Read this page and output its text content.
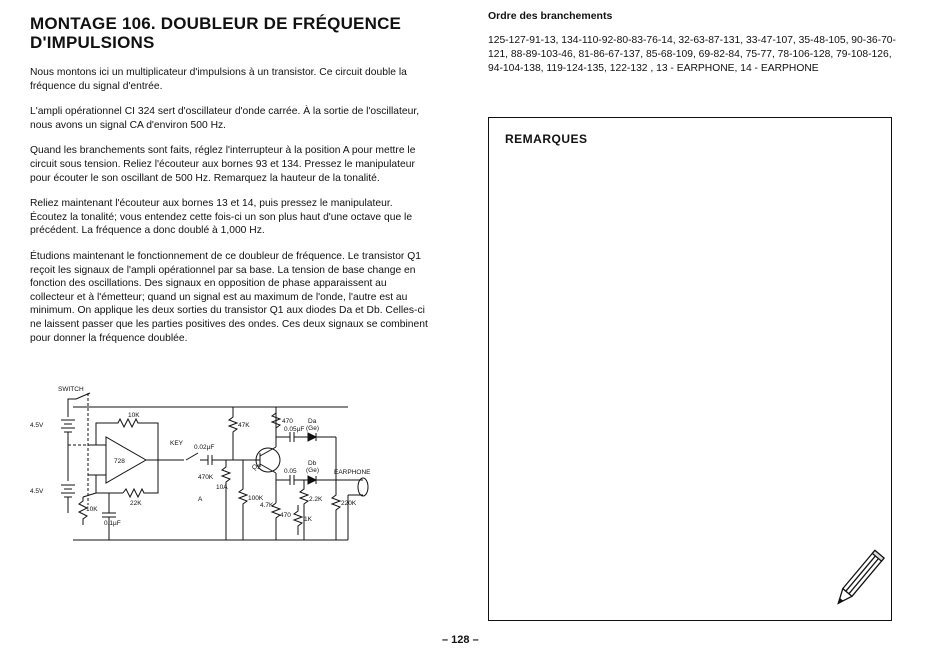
MONTAGE 106. DOUBLEUR DE FRÉQUENCE
D'IMPULSIONS

Nous montons ici un multiplicateur d'impulsions à un transistor. Ce circuit double la fréquence du signal d'entrée.

L'ampli opérationnel CI 324 sert d'oscillateur d'onde carrée. À la sortie de l'oscillateur, nous avons un signal CA d'environ 500 Hz.

Quand les branchements sont faits, réglez l'interrupteur à la position A pour mettre le circuit sous tension. Reliez l'écouteur aux bornes 93 et 134. Pressez le manipulateur pour écouter le son oscillant de 500 Hz. Remarquez la hauteur de la tonalité.

Reliez maintenant l'écouteur aux bornes 13 et 14, puis pressez le manipulateur. Écoutez la tonalité; vous entendez cette fois-ci un son plus haut d'une octave que le précédent. La fréquence a donc doublé à 1,000 Hz.

Étudions maintenant le fonctionnement de ce doubleur de fréquence. Le transistor Q1 reçoit les signaux de l'ampli opérationnel par sa base. La tension de base change en fonction des oscillations. Des signaux en opposition de phase apparaissent au collecteur et à l'émetteur; quand un signal est au maximum de l'onde, l'autre est au minimum. On applique les deux sorties du transistor Q1 aux diodes Da et Db. Celles-ci ne laissent passer que les parties positives des ondes. Ces deux signaux se combinent pour donner la fréquence doublée.

Ordre des branchements

125-127-91-13, 134-110-92-80-83-76-14, 32-63-87-131, 33-47-107, 35-48-105, 90-36-70-121, 88-89-103-46, 81-86-67-137, 85-68-109, 69-82-84, 75-77, 78-106-128, 79-108-126, 94-104-138, 119-124-135, 122-132 , 13 - EARPHONE, 14 - EARPHONE

REMARQUES
SWITCH
4.5V
4.5V
10K
728
22K
10K
0.1µF
KEY
0.02µF
470K
10A
A
47K
100K
Q1
470
0.05µF
0.05
4.7K
470
2.2K
1K
220K
Da
(Ge)
Db
(Ge) EARPHONE
– 128 –
